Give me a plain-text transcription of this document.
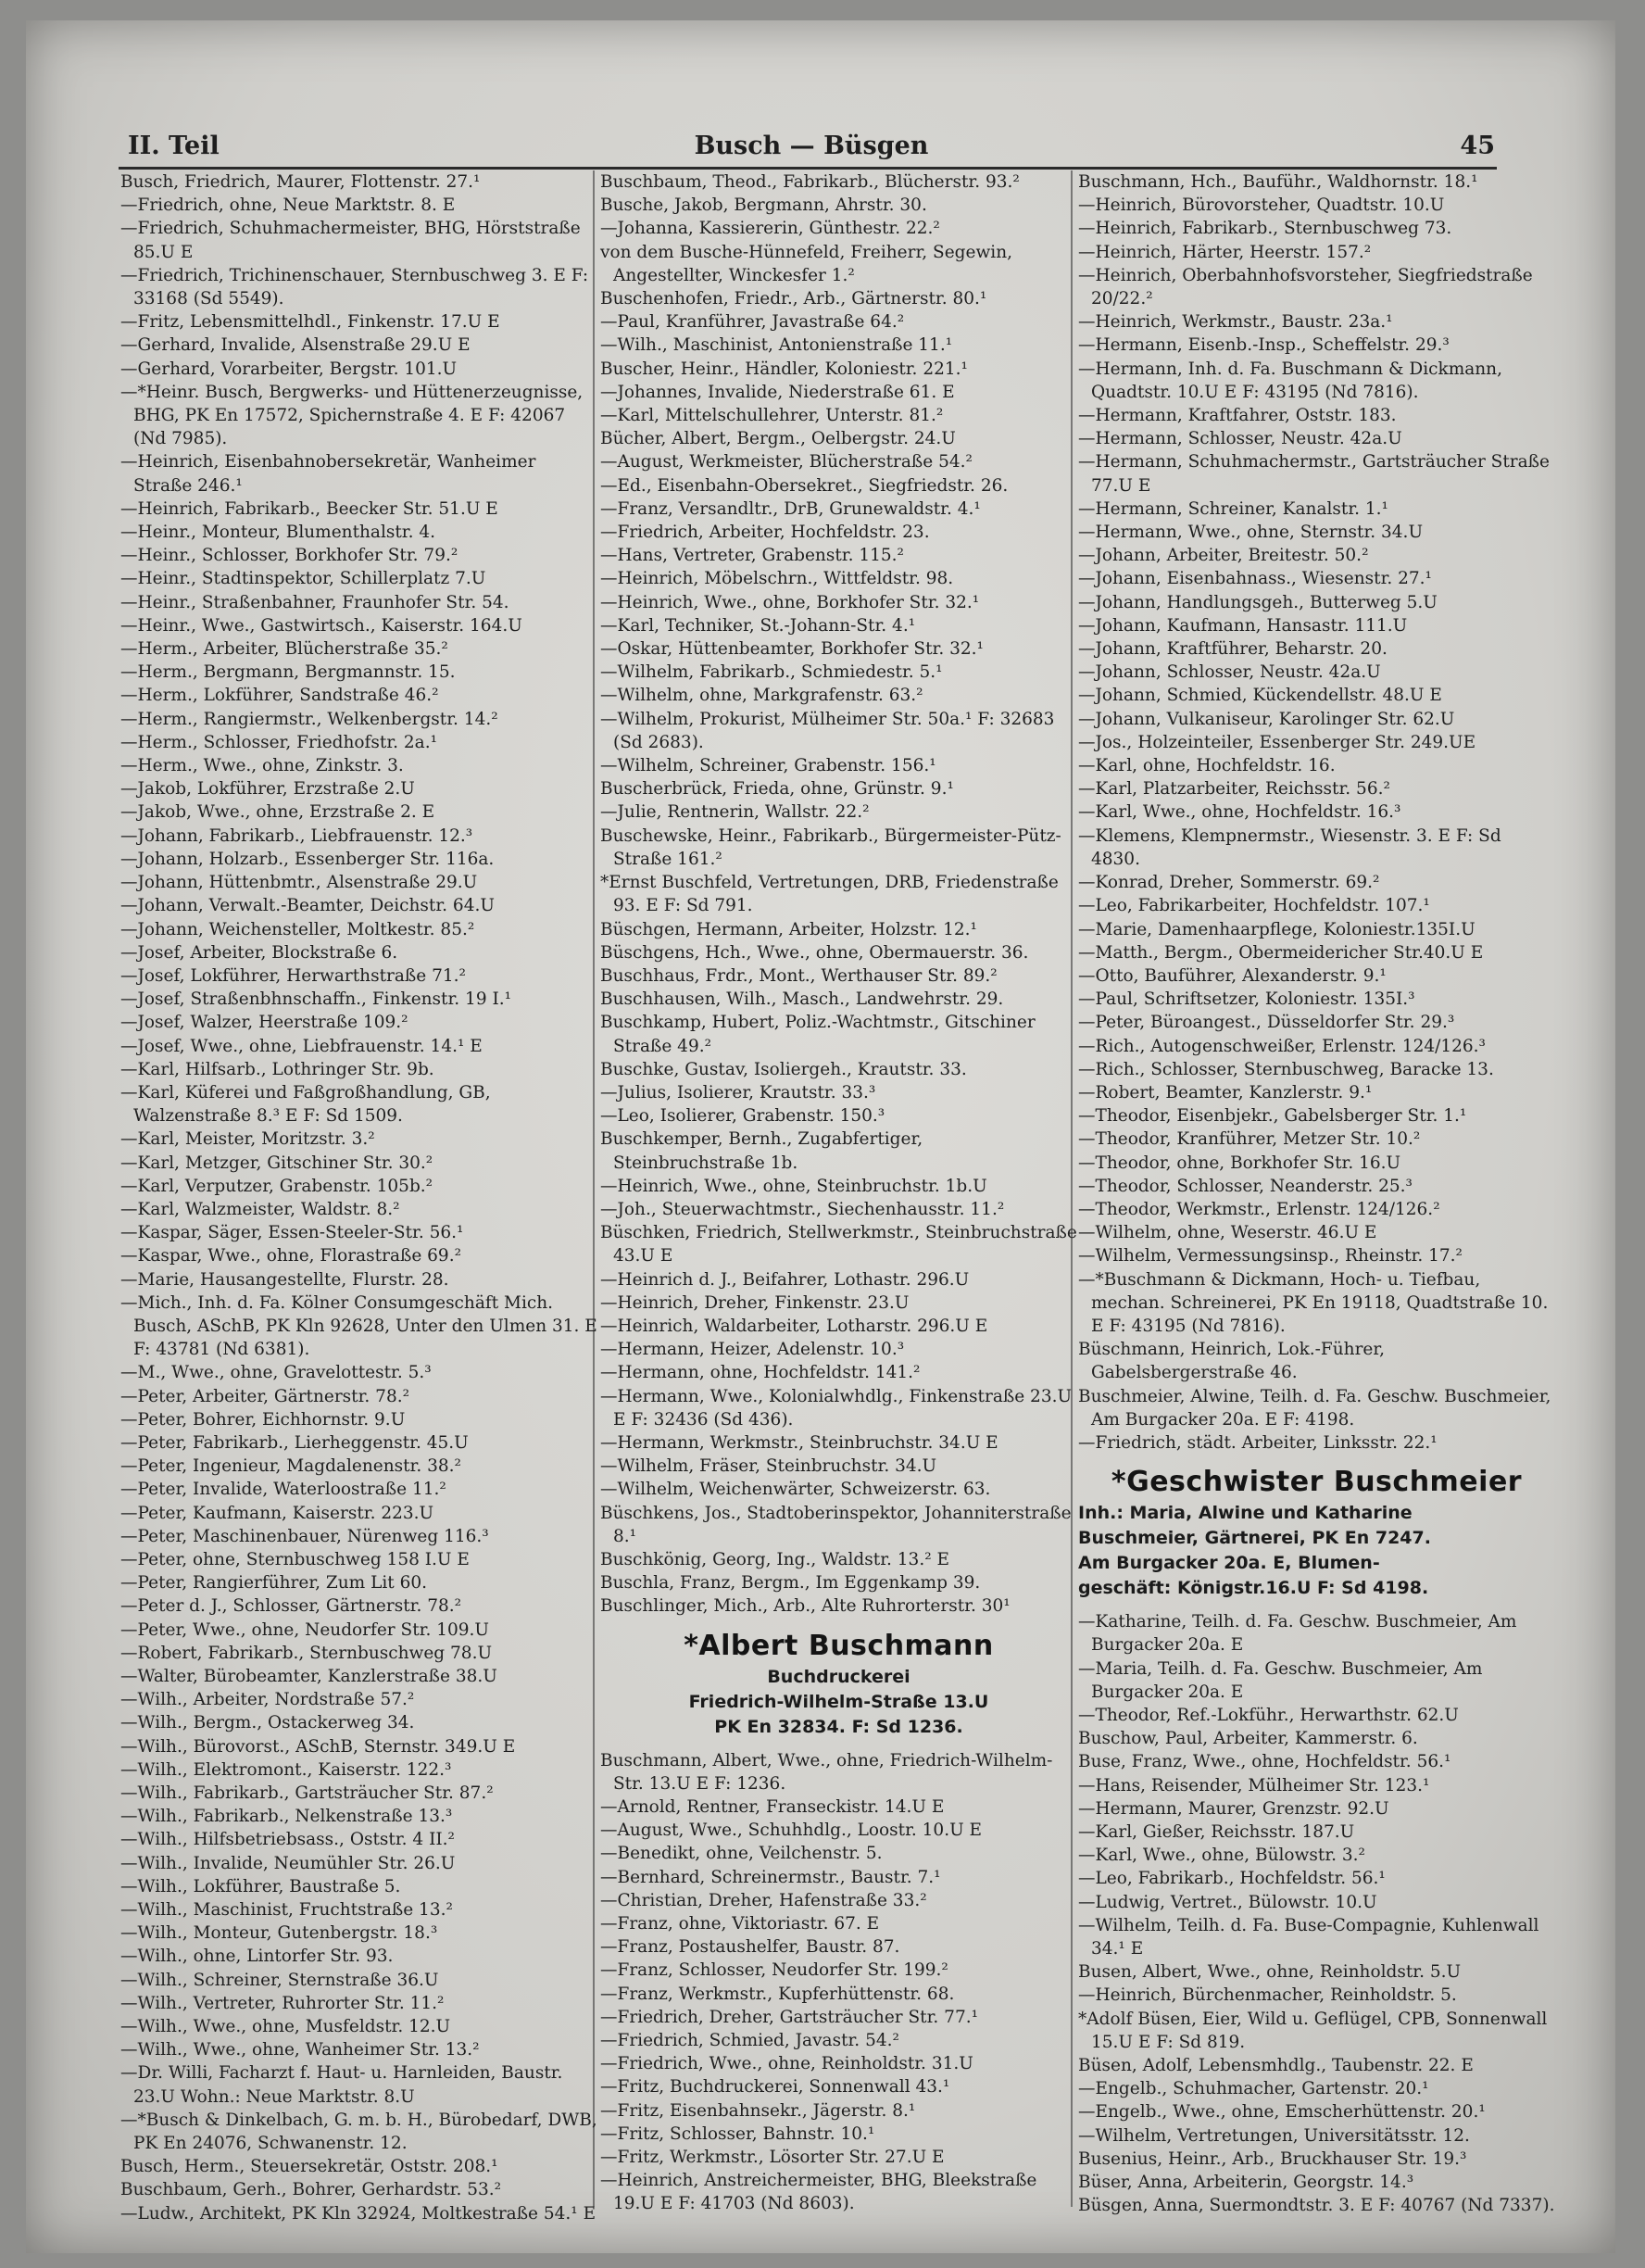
II. Teil	Busch — Büsgen	45

Busch, Friedrich, Maurer, Flottenstr. 27.¹

—Friedrich, ohne, Neue Marktstr. 8. E

—Friedrich, Schuhmachermeister, BHG, Hörststraße 85.U E

—Friedrich, Trichinenschauer, Sternbuschweg 3. E F: 33168 (Sd 5549).

—Fritz, Lebensmittelhdl., Finkenstr. 17.U E

—Gerhard, Invalide, Alsenstraße 29.U E

—Gerhard, Vorarbeiter, Bergstr. 101.U

—*Heinr. Busch, Bergwerks- und Hüttenerzeugnisse, BHG, PK En 17572, Spichernstraße 4. E F: 42067 (Nd 7985).

—Heinrich, Eisenbahnobersekretär, Wanheimer Straße 246.¹

—Heinrich, Fabrikarb., Beecker Str. 51.U E

—Heinr., Monteur, Blumenthalstr. 4.

—Heinr., Schlosser, Borkhofer Str. 79.²

—Heinr., Stadtinspektor, Schillerplatz 7.U

—Heinr., Straßenbahner, Fraunhofer Str. 54.

—Heinr., Wwe., Gastwirtsch., Kaiserstr. 164.U

—Herm., Arbeiter, Blücherstraße 35.²

—Herm., Bergmann, Bergmannstr. 15.

—Herm., Lokführer, Sandstraße 46.²

—Herm., Rangiermstr., Welkenbergstr. 14.²

—Herm., Schlosser, Friedhofstr. 2a.¹

—Herm., Wwe., ohne, Zinkstr. 3.

—Jakob, Lokführer, Erzstraße 2.U

—Jakob, Wwe., ohne, Erzstraße 2. E

—Johann, Fabrikarb., Liebfrauenstr. 12.³

—Johann, Holzarb., Essenberger Str. 116a.

—Johann, Hüttenbmtr., Alsenstraße 29.U

—Johann, Verwalt.-Beamter, Deichstr. 64.U

—Johann, Weichensteller, Moltkestr. 85.²

—Josef, Arbeiter, Blockstraße 6.

—Josef, Lokführer, Herwarthstraße 71.²

—Josef, Straßenbhnschaffn., Finkenstr. 19 I.¹

—Josef, Walzer, Heerstraße 109.²

—Josef, Wwe., ohne, Liebfrauenstr. 14.¹ E

—Karl, Hilfsarb., Lothringer Str. 9b.

—Karl, Küferei und Faßgroßhandlung, GB, Walzenstraße 8.³ E F: Sd 1509.

—Karl, Meister, Moritzstr. 3.²

—Karl, Metzger, Gitschiner Str. 30.²

—Karl, Verputzer, Grabenstr. 105b.²

—Karl, Walzmeister, Waldstr. 8.²

—Kaspar, Säger, Essen-Steeler-Str. 56.¹

—Kaspar, Wwe., ohne, Florastraße 69.²

—Marie, Hausangestellte, Flurstr. 28.

—Mich., Inh. d. Fa. Kölner Consumgeschäft Mich. Busch, ASchB, PK Kln 92628, Unter den Ulmen 31. E F: 43781 (Nd 6381).

—M., Wwe., ohne, Gravelottestr. 5.³

—Peter, Arbeiter, Gärtnerstr. 78.²

—Peter, Bohrer, Eichhornstr. 9.U

—Peter, Fabrikarb., Lierheggenstr. 45.U

—Peter, Ingenieur, Magdalenenstr. 38.²

—Peter, Invalide, Waterloostraße 11.²

—Peter, Kaufmann, Kaiserstr. 223.U

—Peter, Maschinenbauer, Nürenweg 116.³

—Peter, ohne, Sternbuschweg 158 I.U E

—Peter, Rangierführer, Zum Lit 60.

—Peter d. J., Schlosser, Gärtnerstr. 78.²

—Peter, Wwe., ohne, Neudorfer Str. 109.U

—Robert, Fabrikarb., Sternbuschweg 78.U

—Walter, Bürobeamter, Kanzlerstraße 38.U

—Wilh., Arbeiter, Nordstraße 57.²

—Wilh., Bergm., Ostackerweg 34.

—Wilh., Bürovorst., ASchB, Sternstr. 349.U E

—Wilh., Elektromont., Kaiserstr. 122.³

—Wilh., Fabrikarb., Gartsträucher Str. 87.²

—Wilh., Fabrikarb., Nelkenstraße 13.³

—Wilh., Hilfsbetriebsass., Oststr. 4 II.²

—Wilh., Invalide, Neumühler Str. 26.U

—Wilh., Lokführer, Baustraße 5.

—Wilh., Maschinist, Fruchtstraße 13.²

—Wilh., Monteur, Gutenbergstr. 18.³

—Wilh., ohne, Lintorfer Str. 93.

—Wilh., Schreiner, Sternstraße 36.U

—Wilh., Vertreter, Ruhrorter Str. 11.²

—Wilh., Wwe., ohne, Musfeldstr. 12.U

—Wilh., Wwe., ohne, Wanheimer Str. 13.²

—Dr. Willi, Facharzt f. Haut- u. Harnleiden, Baustr. 23.U Wohn.: Neue Marktstr. 8.U

—*Busch & Dinkelbach, G. m. b. H., Bürobedarf, DWB, PK En 24076, Schwanenstr. 12.

Busch, Herm., Steuersekretär, Oststr. 208.¹

Buschbaum, Gerh., Bohrer, Gerhardstr. 53.²

—Ludw., Architekt, PK Kln 32924, Moltkestraße 54.¹ E

Buschbaum, Theod., Fabrikarb., Blücherstr. 93.²

Busche, Jakob, Bergmann, Ahrstr. 30.

—Johanna, Kassiererin, Günthestr. 22.²

von dem Busche-Hünnefeld, Freiherr, Segewin, Angestellter, Winckesfer 1.²

Buschenhofen, Friedr., Arb., Gärtnerstr. 80.¹

—Paul, Kranführer, Javastraße 64.²

—Wilh., Maschinist, Antonienstraße 11.¹

Buscher, Heinr., Händler, Koloniestr. 221.¹

—Johannes, Invalide, Niederstraße 61. E

—Karl, Mittelschullehrer, Unterstr. 81.²

Bücher, Albert, Bergm., Oelbergstr. 24.U

—August, Werkmeister, Blücherstraße 54.²

—Ed., Eisenbahn-Obersekret., Siegfriedstr. 26.

—Franz, Versandltr., DrB, Grunewaldstr. 4.¹

—Friedrich, Arbeiter, Hochfeldstr. 23.

—Hans, Vertreter, Grabenstr. 115.²

—Heinrich, Möbelschrn., Wittfeldstr. 98.

—Heinrich, Wwe., ohne, Borkhofer Str. 32.¹

—Karl, Techniker, St.-Johann-Str. 4.¹

—Oskar, Hüttenbeamter, Borkhofer Str. 32.¹

—Wilhelm, Fabrikarb., Schmiedestr. 5.¹

—Wilhelm, ohne, Markgrafenstr. 63.²

—Wilhelm, Prokurist, Mülheimer Str. 50a.¹ F: 32683 (Sd 2683).

—Wilhelm, Schreiner, Grabenstr. 156.¹

Buscherbrück, Frieda, ohne, Grünstr. 9.¹

—Julie, Rentnerin, Wallstr. 22.²

Buschewske, Heinr., Fabrikarb., Bürgermeister-Pütz-Straße 161.²

*Ernst Buschfeld, Vertretungen, DRB, Friedenstraße 93. E F: Sd 791.

Büschgen, Hermann, Arbeiter, Holzstr. 12.¹

Büschgens, Hch., Wwe., ohne, Obermauerstr. 36.

Buschhaus, Frdr., Mont., Werthauser Str. 89.²

Buschhausen, Wilh., Masch., Landwehrstr. 29.

Buschkamp, Hubert, Poliz.-Wachtmstr., Gitschiner Straße 49.²

Buschke, Gustav, Isoliergeh., Krautstr. 33.

—Julius, Isolierer, Krautstr. 33.³

—Leo, Isolierer, Grabenstr. 150.³

Buschkemper, Bernh., Zugabfertiger, Steinbruchstraße 1b.

—Heinrich, Wwe., ohne, Steinbruchstr. 1b.U

—Joh., Steuerwachtmstr., Siechenhausstr. 11.²

Büschken, Friedrich, Stellwerkmstr., Steinbruchstraße 43.U E

—Heinrich d. J., Beifahrer, Lothastr. 296.U

—Heinrich, Dreher, Finkenstr. 23.U

—Heinrich, Waldarbeiter, Lotharstr. 296.U E

—Hermann, Heizer, Adelenstr. 10.³

—Hermann, ohne, Hochfeldstr. 141.²

—Hermann, Wwe., Kolonialwhdlg., Finkenstraße 23.U E F: 32436 (Sd 436).

—Hermann, Werkmstr., Steinbruchstr. 34.U E

—Wilhelm, Fräser, Steinbruchstr. 34.U

—Wilhelm, Weichenwärter, Schweizerstr. 63.

Büschkens, Jos., Stadtoberinspektor, Johanniterstraße 8.¹

Buschkönig, Georg, Ing., Waldstr. 13.² E

Buschla, Franz, Bergm., Im Eggenkamp 39.

Buschlinger, Mich., Arb., Alte Ruhrorterstr. 30¹

*Albert Buschmann
Buchdruckerei
Friedrich-Wilhelm-Straße 13.U
PK En 32834. F: Sd 1236.

Buschmann, Albert, Wwe., ohne, Friedrich-Wilhelm-Str. 13.U E F: 1236.

—Arnold, Rentner, Franseckistr. 14.U E

—August, Wwe., Schuhhdlg., Loostr. 10.U E

—Benedikt, ohne, Veilchenstr. 5.

—Bernhard, Schreinermstr., Baustr. 7.¹

—Christian, Dreher, Hafenstraße 33.²

—Franz, ohne, Viktoriastr. 67. E

—Franz, Postaushelfer, Baustr. 87.

—Franz, Schlosser, Neudorfer Str. 199.²

—Franz, Werkmstr., Kupferhüttenstr. 68.

—Friedrich, Dreher, Gartsträucher Str. 77.¹

—Friedrich, Schmied, Javastr. 54.²

—Friedrich, Wwe., ohne, Reinholdstr. 31.U

—Fritz, Buchdruckerei, Sonnenwall 43.¹

—Fritz, Eisenbahnsekr., Jägerstr. 8.¹

—Fritz, Schlosser, Bahnstr. 10.¹

—Fritz, Werkmstr., Lösorter Str. 27.U E

—Heinrich, Anstreichermeister, BHG, Bleekstraße 19.U E F: 41703 (Nd 8603).

Buschmann, Hch., Bauführ., Waldhornstr. 18.¹

—Heinrich, Bürovorsteher, Quadtstr. 10.U

—Heinrich, Fabrikarb., Sternbuschweg 73.

—Heinrich, Härter, Heerstr. 157.²

—Heinrich, Oberbahnhofsvorsteher, Siegfriedstraße 20/22.²

—Heinrich, Werkmstr., Baustr. 23a.¹

—Hermann, Eisenb.-Insp., Scheffelstr. 29.³

—Hermann, Inh. d. Fa. Buschmann & Dickmann, Quadtstr. 10.U E F: 43195 (Nd 7816).

—Hermann, Kraftfahrer, Oststr. 183.

—Hermann, Schlosser, Neustr. 42a.U

—Hermann, Schuhmachermstr., Gartsträucher Straße 77.U E

—Hermann, Schreiner, Kanalstr. 1.¹

—Hermann, Wwe., ohne, Sternstr. 34.U

—Johann, Arbeiter, Breitestr. 50.²

—Johann, Eisenbahnass., Wiesenstr. 27.¹

—Johann, Handlungsgeh., Butterweg 5.U

—Johann, Kaufmann, Hansastr. 111.U

—Johann, Kraftführer, Beharstr. 20.

—Johann, Schlosser, Neustr. 42a.U

—Johann, Schmied, Kückendellstr. 48.U E

—Johann, Vulkaniseur, Karolinger Str. 62.U

—Jos., Holzeinteiler, Essenberger Str. 249.UE

—Karl, ohne, Hochfeldstr. 16.

—Karl, Platzarbeiter, Reichsstr. 56.²

—Karl, Wwe., ohne, Hochfeldstr. 16.³

—Klemens, Klempnermstr., Wiesenstr. 3. E F: Sd 4830.

—Konrad, Dreher, Sommerstr. 69.²

—Leo, Fabrikarbeiter, Hochfeldstr. 107.¹

—Marie, Damenhaarpflege, Koloniestr.135I.U

—Matth., Bergm., Obermeidericher Str.40.U E

—Otto, Bauführer, Alexanderstr. 9.¹

—Paul, Schriftsetzer, Koloniestr. 135I.³

—Peter, Büroangest., Düsseldorfer Str. 29.³

—Rich., Autogenschweißer, Erlenstr. 124/126.³

—Rich., Schlosser, Sternbuschweg, Baracke 13.

—Robert, Beamter, Kanzlerstr. 9.¹

—Theodor, Eisenbjekr., Gabelsberger Str. 1.¹

—Theodor, Kranführer, Metzer Str. 10.²

—Theodor, ohne, Borkhofer Str. 16.U

—Theodor, Schlosser, Neanderstr. 25.³

—Theodor, Werkmstr., Erlenstr. 124/126.²

—Wilhelm, ohne, Weserstr. 46.U E

—Wilhelm, Vermessungsinsp., Rheinstr. 17.²

—*Buschmann & Dickmann, Hoch- u. Tiefbau, mechan. Schreinerei, PK En 19118, Quadtstraße 10. E F: 43195 (Nd 7816).

Büschmann, Heinrich, Lok.-Führer, Gabelsbergerstraße 46.

Buschmeier, Alwine, Teilh. d. Fa. Geschw. Buschmeier, Am Burgacker 20a. E F: 4198.

—Friedrich, städt. Arbeiter, Linksstr. 22.¹

*Geschwister Buschmeier
Inh.: Maria, Alwine und Katharine
Buschmeier, Gärtnerei, PK En 7247.
Am Burgacker 20a. E, Blumen-
geschäft: Königstr.16.U F: Sd 4198.

—Katharine, Teilh. d. Fa. Geschw. Buschmeier, Am Burgacker 20a. E

—Maria, Teilh. d. Fa. Geschw. Buschmeier, Am Burgacker 20a. E

—Theodor, Ref.-Lokführ., Herwarthstr. 62.U

Buschow, Paul, Arbeiter, Kammerstr. 6.

Buse, Franz, Wwe., ohne, Hochfeldstr. 56.¹

—Hans, Reisender, Mülheimer Str. 123.¹

—Hermann, Maurer, Grenzstr. 92.U

—Karl, Gießer, Reichsstr. 187.U

—Karl, Wwe., ohne, Bülowstr. 3.²

—Leo, Fabrikarb., Hochfeldstr. 56.¹

—Ludwig, Vertret., Bülowstr. 10.U

—Wilhelm, Teilh. d. Fa. Buse-Compagnie, Kuhlenwall 34.¹ E

Busen, Albert, Wwe., ohne, Reinholdstr. 5.U

—Heinrich, Bürchenmacher, Reinholdstr. 5.

*Adolf Büsen, Eier, Wild u. Geflügel, CPB, Sonnenwall 15.U E F: Sd 819.

Büsen, Adolf, Lebensmhdlg., Taubenstr. 22. E

—Engelb., Schuhmacher, Gartenstr. 20.¹

—Engelb., Wwe., ohne, Emscherhüttenstr. 20.¹

—Wilhelm, Vertretungen, Universitätsstr. 12.

Busenius, Heinr., Arb., Bruckhauser Str. 19.³

Büser, Anna, Arbeiterin, Georgstr. 14.³

Büsgen, Anna, Suermondtstr. 3. E F: 40767 (Nd 7337).
